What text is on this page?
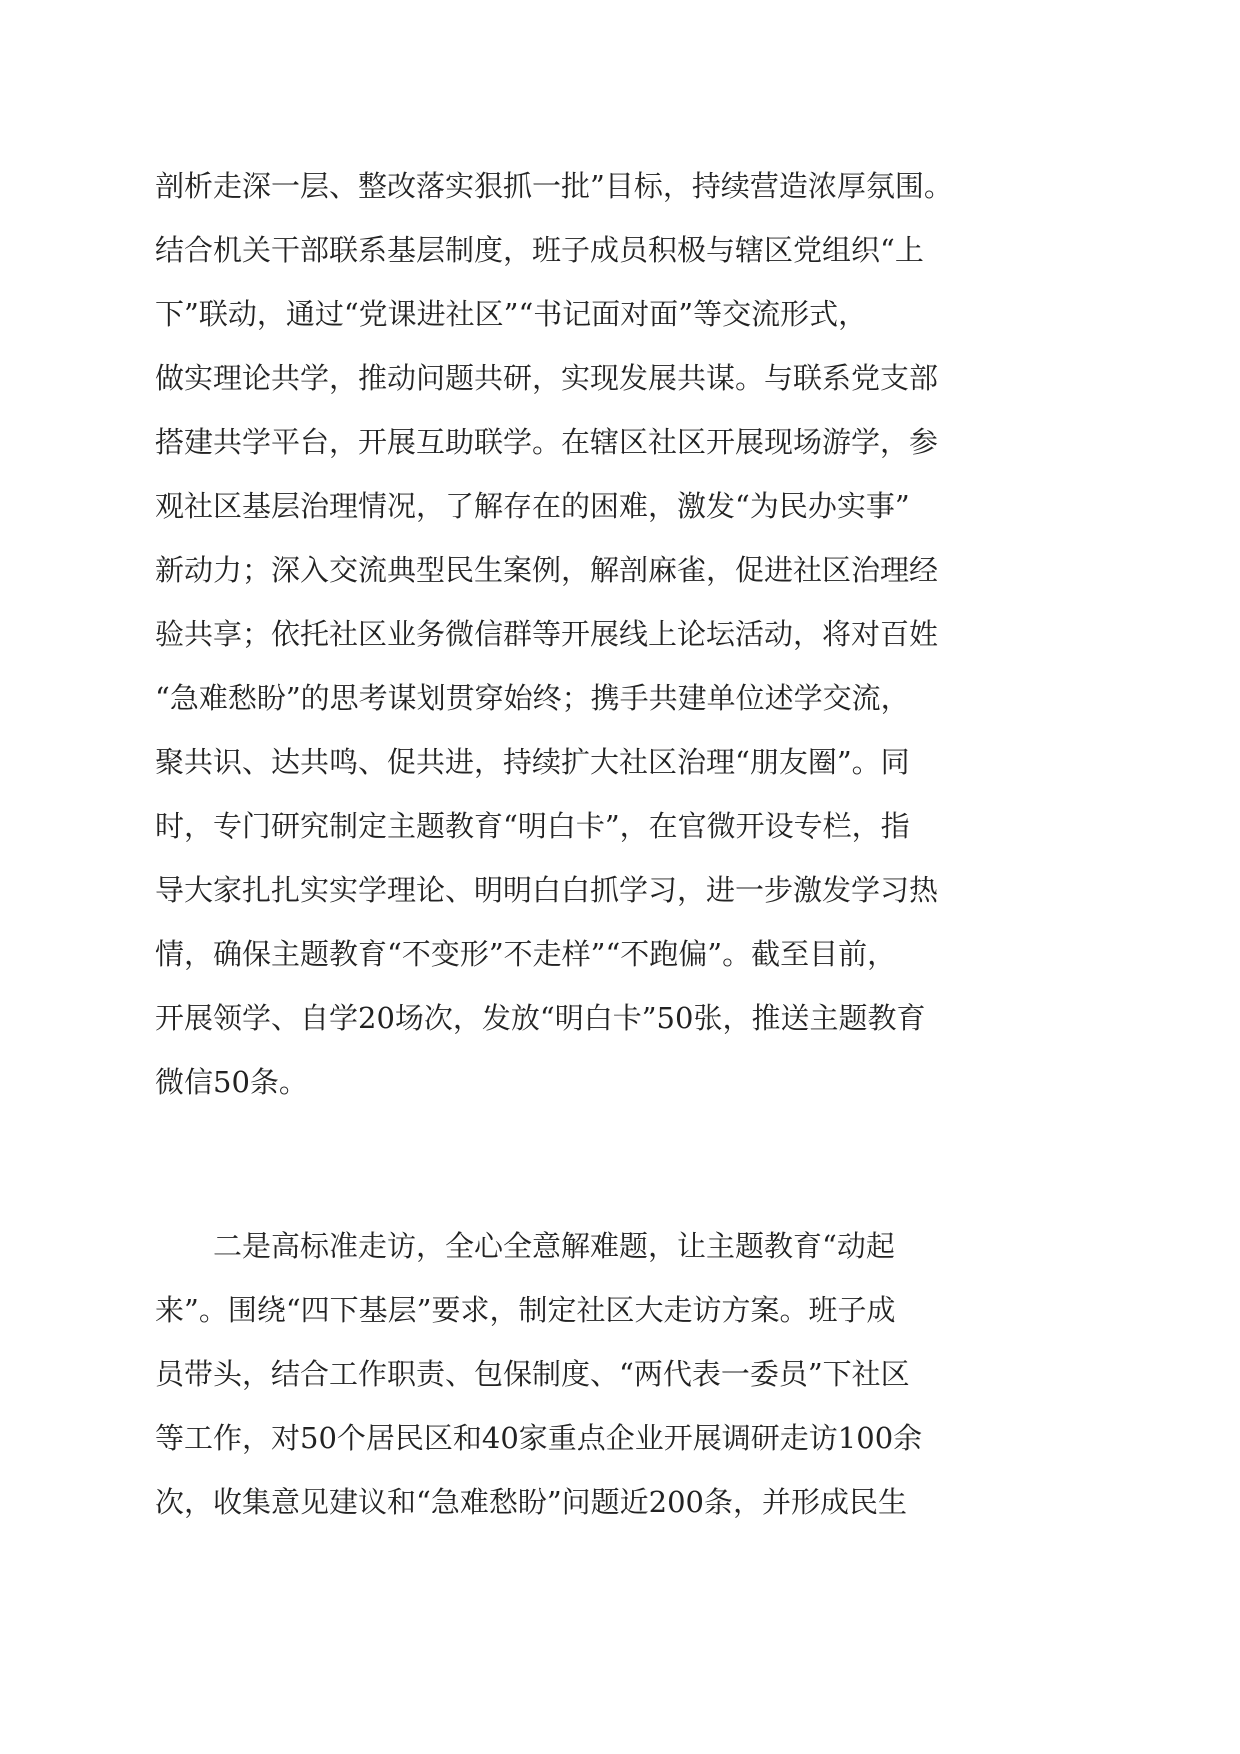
剖析走深一层、整改落实狠抓一批”目标，持续营造浓厚氛围。
结合机关干部联系基层制度，班子成员积极与辖区党组织“上
下”联动，通过“党课进社区”“书记面对面”等交流形式，
做实理论共学，推动问题共研，实现发展共谋。与联系党支部
搭建共学平台，开展互助联学。在辖区社区开展现场游学，参
观社区基层治理情况，了解存在的困难，激发“为民办实事”
新动力；深入交流典型民生案例，解剖麻雀，促进社区治理经
验共享；依托社区业务微信群等开展线上论坛活动，将对百姓
“急难愁盼”的思考谋划贯穿始终；携手共建单位述学交流，
聚共识、达共鸣、促共进，持续扩大社区治理“朋友圈”。同
时，专门研究制定主题教育“明白卡”，在官微开设专栏，指
导大家扎扎实实学理论、明明白白抓学习，进一步激发学习热
情，确保主题教育“不变形”不走样”“不跑偏”。截至目前，
开展领学、自学20场次，发放“明白卡”50张，推送主题教育
微信50条。
　　二是高标准走访，全心全意解难题，让主题教育“动起
来”。围绕“四下基层”要求，制定社区大走访方案。班子成
员带头，结合工作职责、包保制度、“两代表一委员”下社区
等工作，对50个居民区和40家重点企业开展调研走访100余
次，收集意见建议和“急难愁盼”问题近200条，并形成民生
